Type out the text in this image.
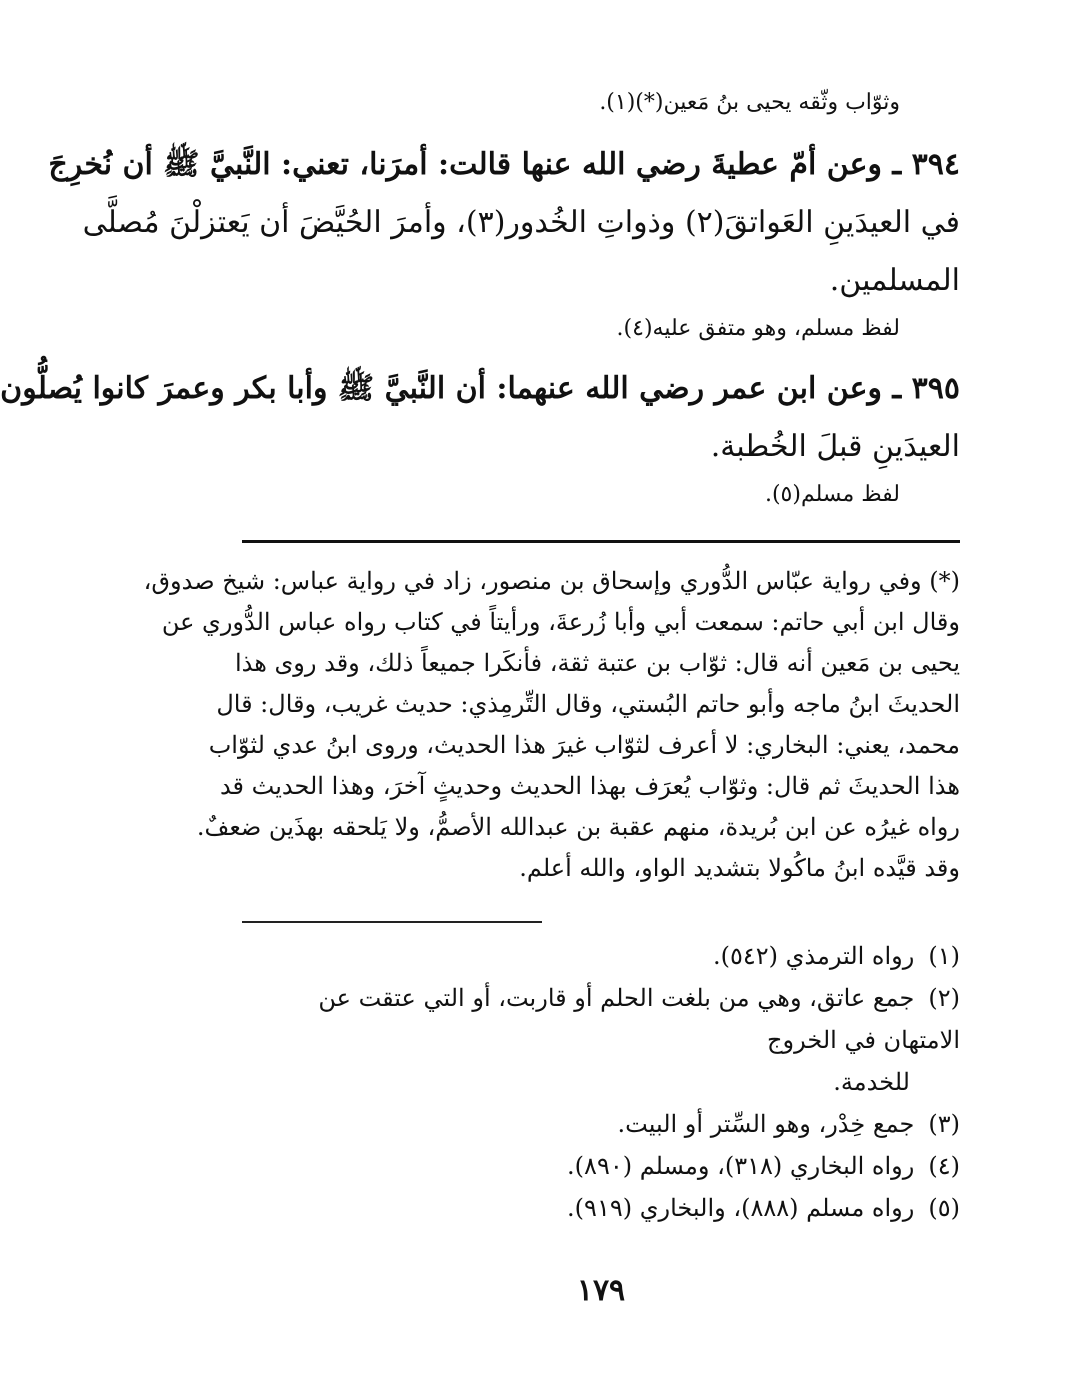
وثوّاب وثّقه يحيى بنُ مَعين(*)(١).
٣٩٤ ـ وعن أمّ عطيةَ رضي الله عنها قالت: أمرَنا، تعني: النَّبيَّ ﷺ أن نُخرِجَ
في العيدَينِ العَواتقَ(٢) وذواتِ الخُدور(٣)، وأمرَ الحُيَّضَ أن يَعتزلْنَ مُصلَّى
المسلمين.
لفظ مسلم، وهو متفق عليه(٤).
٣٩٥ ـ وعن ابن عمر رضي الله عنهما: أن النَّبيَّ ﷺ وأبا بكر وعمرَ كانوا يُصلُّون
العيدَينِ قبلَ الخُطبة.
لفظ مسلم(٥).
(*) وفي رواية عبّاس الدُّوري وإسحاق بن منصور، زاد في رواية عباس: شيخ صدوق،
وقال ابن أبي حاتم: سمعت أبي وأبا زُرعةَ، ورأيتاً في كتاب رواه عباس الدُّوري عن
يحيى بن مَعين أنه قال: ثوّاب بن عتبة ثقة، فأنكَرا جميعاً ذلك، وقد روى هذا
الحديثَ ابنُ ماجه وأبو حاتم البُستي، وقال التِّرمِذي: حديث غريب، وقال: قال
محمد، يعني: البخاري: لا أعرف لثوّاب غيرَ هذا الحديث، وروى ابنُ عدي لثوّاب
هذا الحديثَ ثم قال: وثوّاب يُعرَف بهذا الحديث وحديثٍ آخرَ، وهذا الحديث قد
رواه غيرُه عن ابن بُريدة، منهم عقبة بن عبدالله الأصمُّ، ولا يَلحقه بهذَين ضعفٌ.
وقد قيَّده ابنُ ماكُولا بتشديد الواو، والله أعلم.
(١) رواه الترمذي (٥٤٢).
(٢) جمع عاتق، وهي من بلغت الحلم أو قاربت، أو التي عتقت عن الامتهان في الخروج
للخدمة.
(٣) جمع خِدْر، وهو السِّتر أو البيت.
(٤) رواه البخاري (٣١٨)، ومسلم (٨٩٠).
(٥) رواه مسلم (٨٨٨)، والبخاري (٩١٩).
١٧٩
